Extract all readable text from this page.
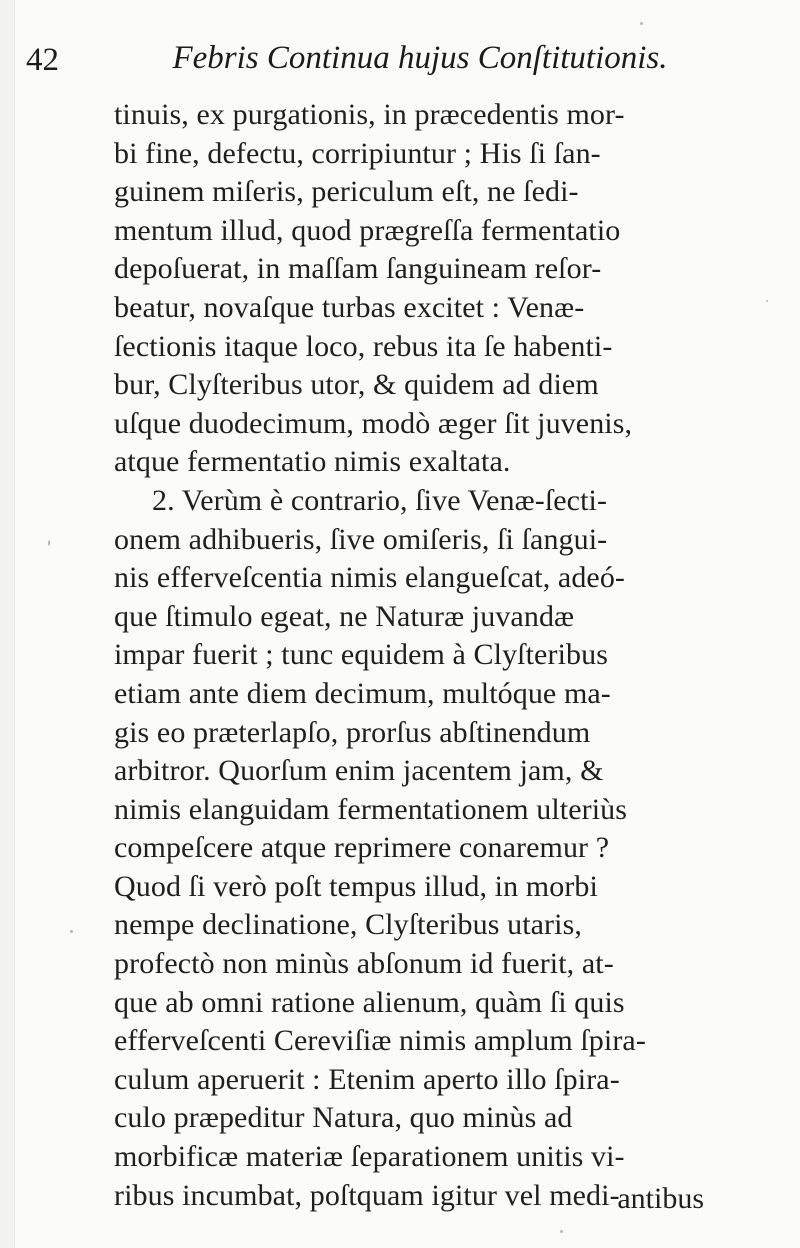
42	Febris Continua hujus Conſtitutionis.
tinuis, ex purgationis, in præcedentis mor-
bi fine, defectu, corripiuntur ; His ſi ſan-
guinem miſeris, periculum eſt, ne ſedi-
mentum illud, quod prægreſſa fermentatio
depoſuerat, in maſſam ſanguineam reſor-
beatur, novaſque turbas excitet : Venæ-
ſectionis itaque loco, rebus ita ſe habenti-
bur, Clyſteribus utor, & quidem ad diem
uſque duodecimum, modò æger ſit juvenis,
atque fermentatio nimis exaltata.
2. Verùm è contrario, ſive Venæ-ſecti-
onem adhibueris, ſive omiſeris, ſi ſangui-
nis efferveſcentia nimis elangueſcat, adeó-
que ſtimulo egeat, ne Naturæ juvandæ
impar fuerit ; tunc equidem à Clyſteribus
etiam ante diem decimum, multóque ma-
gis eo præterlapſo, prorſus abſtinendum
arbitror. Quorſum enim jacentem jam, &
nimis elanguidam fermentationem ulteriùs
compeſcere atque reprimere conaremur ?
Quod ſi verò poſt tempus illud, in morbi
nempe declinatione, Clyſteribus utaris,
profectò non minùs abſonum id fuerit, at-
que ab omni ratione alienum, quàm ſi quis
efferveſcenti Cereviſiæ nimis amplum ſpira-
culum aperuerit : Etenim aperto illo ſpira-
culo præpeditur Natura, quo minùs ad
morbificæ materiæ ſeparationem unitis vi-
ribus incumbat, poſtquam igitur vel medi-
antibus
